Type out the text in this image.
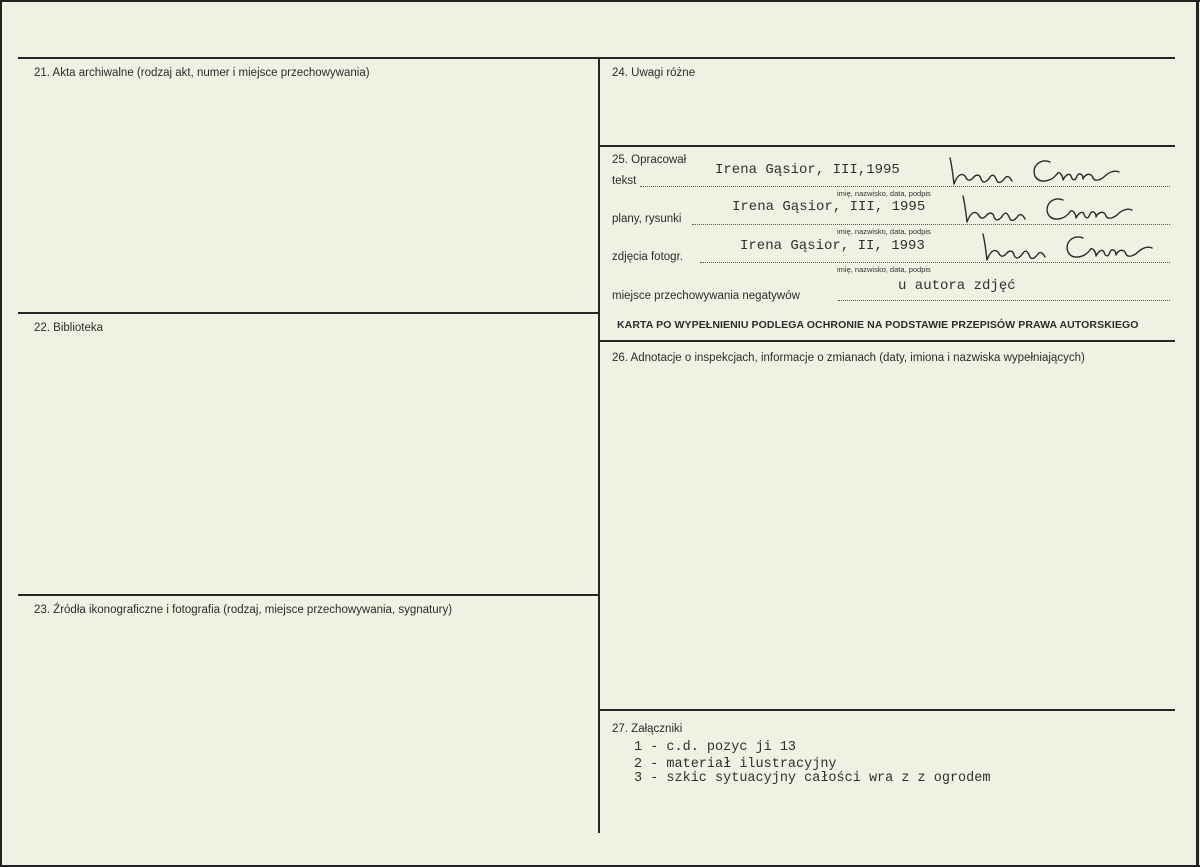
21. Akta archiwalne (rodzaj akt, numer i miejsce przechowywania)
22. Biblioteka
23. Źródła ikonograficzne i fotografia (rodzaj, miejsce przechowywania, sygnatury)
24. Uwagi różne
25. Opracował
tekst
Irena Gąsior, III,1995
imię, nazwisko, data, podpis
plany, rysunki
Irena Gąsior, III, 1995
imię, nazwisko, data, podpis
zdjęcia fotogr.
Irena Gąsior, II, 1993
imię, nazwisko, data, podpis
miejsce przechowywania negatywów
u autora zdjęć
KARTA PO WYPEŁNIENIU PODLEGA OCHRONIE NA PODSTAWIE PRZEPISÓW PRAWA AUTORSKIEGO
26. Adnotacje o inspekcjach, informacje o zmianach (daty, imiona i nazwiska wypełniających)
27. Załączniki
1 - c.d. pozyc ji 13
2 - materiał ilustracyjny
3 - szkic sytuacyjny całości wra z z ogrodem
